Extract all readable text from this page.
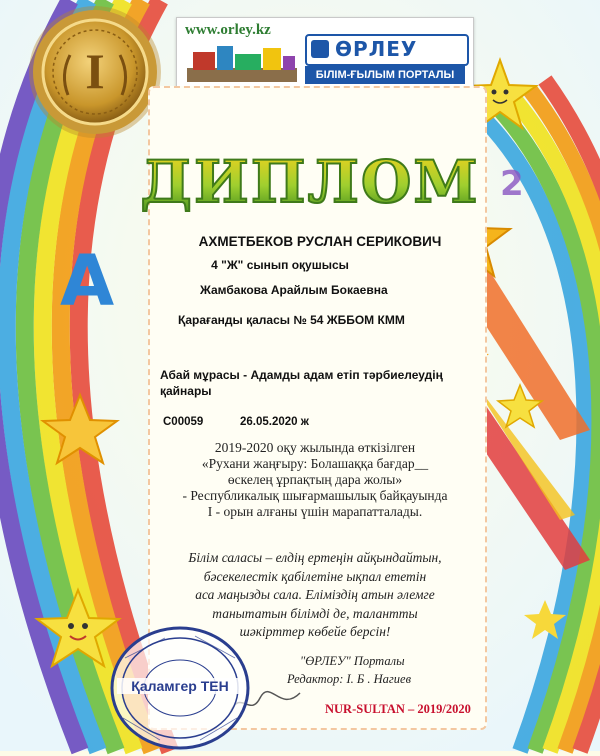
A
2
I
www.orley.kz
ӨРЛЕУ
БІЛІМ-ҒЫЛЫМ ПОРТАЛЫ
ДИПЛОМ
АХМЕТБЕКОВ РУСЛАН СЕРИКОВИЧ
4 "Ж" сынып оқушысы
Жамбакова Арайлым Бокаевна
Қарағанды қаласы № 54 ЖББОМ КММ
Абай мұрасы - Адамды адам етіп тәрбиелеудің қайнары
C00059	26.05.2020 ж
2019-2020 оқу жылында өткізілген
«Рухани жаңғыру: Болашаққа бағдар__
өскелең ұрпақтың дара жолы»
- Республикалық шығармашылық байқауында
I - орын алғаны үшін марапатталады.
Білім саласы – елдің ертеңін айқындайтын,
бәсекелестік қабілетіне ықпал ететін
аса маңызды сала. Еліміздің атын әлемге
танытатын білімді де, талантты
шәкірттер көбейе берсін!
"ӨРЛЕУ" Порталы
Редактор: І. Б . Нагиев
NUR-SULTAN – 2019/2020
Қаламгер ТЕН
